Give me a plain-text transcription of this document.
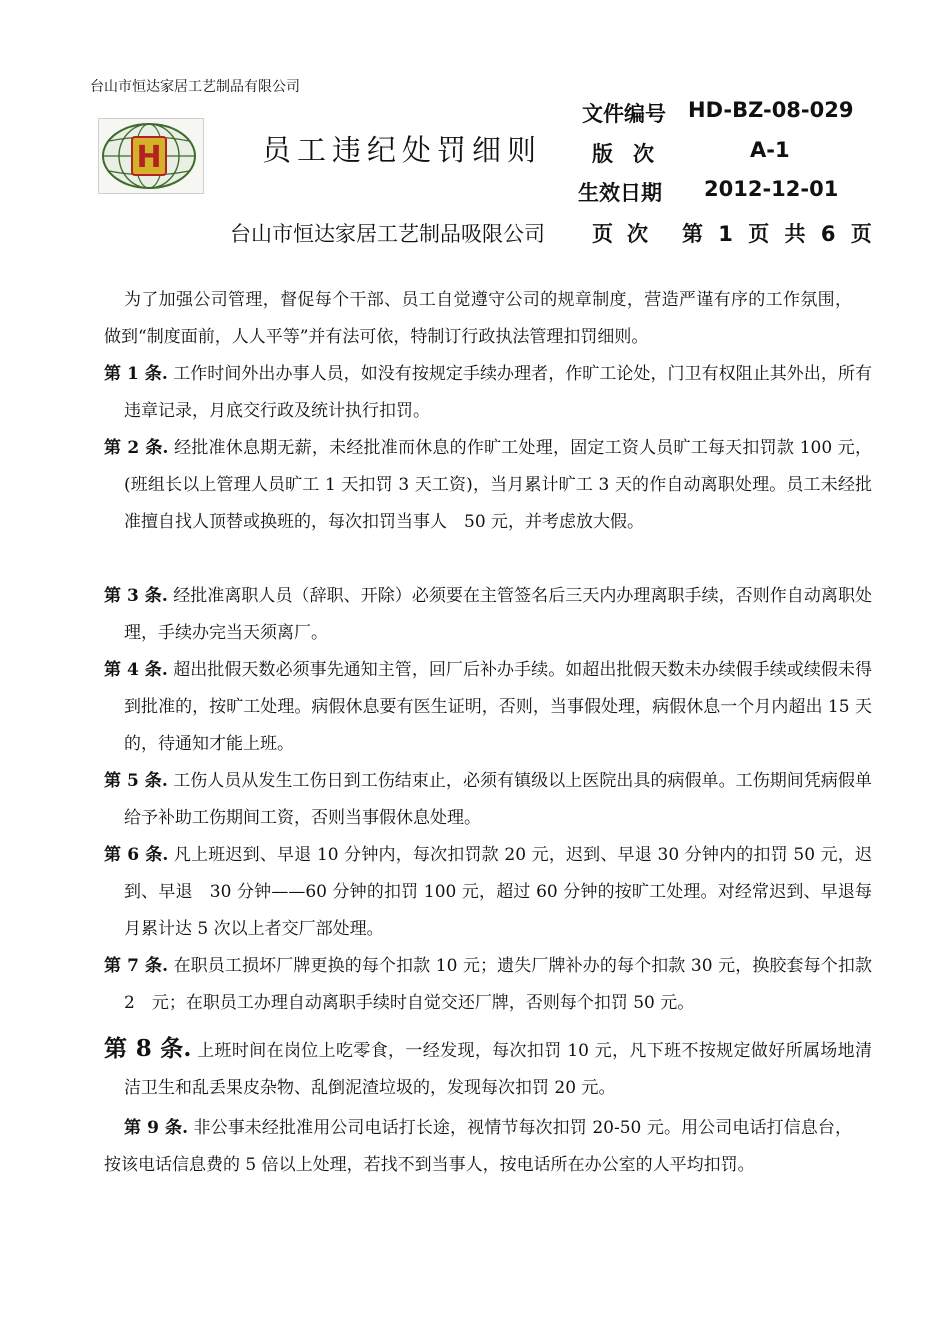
台山市恒达家居工艺制品有限公司
H	员工违纪处罚细则
文件编号 HD-BZ-08-029
版次	A-1
生效日期 2012-12-01
台山市恒达家居工艺制品吸限公司 页次 第 1 页 共 6 页
为了加强公司管理，督促每个干部、员工自觉遵守公司的规章制度，营造严谨有序的工作氛围，做到“制度面前，人人平等”并有法可依，特制订行政执法管理扣罚细则。
第 1 条. 工作时间外出办事人员，如没有按规定手续办理者，作旷工论处，门卫有权阻止其外出，所有违章记录，月底交行政及统计执行扣罚。
第 2 条. 经批准休息期无薪，未经批准而休息的作旷工处理，固定工资人员旷工每天扣罚款 100 元，(班组长以上管理人员旷工 1 天扣罚 3 天工资)，当月累计旷工 3 天的作自动离职处理。员工未经批准擅自找人顶替或换班的，每次扣罚当事人　50 元，并考虑放大假。
第 3 条. 经批准离职人员（辞职、开除）必须要在主管签名后三天内办理离职手续，否则作自动离职处理，手续办完当天须离厂。
第 4 条. 超出批假天数必须事先通知主管，回厂后补办手续。如超出批假天数未办续假手续或续假未得到批准的，按旷工处理。病假休息要有医生证明，否则，当事假处理，病假休息一个月内超出 15 天的，待通知才能上班。
第 5 条. 工伤人员从发生工伤日到工伤结束止，必须有镇级以上医院出具的病假单。工伤期间凭病假单给予补助工伤期间工资，否则当事假休息处理。
第 6 条. 凡上班迟到、早退 10 分钟内，每次扣罚款 20 元，迟到、早退 30 分钟内的扣罚 50 元，迟到、早退　30 分钟——60 分钟的扣罚 100 元，超过 60 分钟的按旷工处理。对经常迟到、早退每月累计达 5 次以上者交厂部处理。
第 7 条. 在职员工损坏厂牌更换的每个扣款 10 元；遗失厂牌补办的每个扣款 30 元，换胶套每个扣款 2　元；在职员工办理自动离职手续时自觉交还厂牌，否则每个扣罚 50 元。
第 8 条. 上班时间在岗位上吃零食，一经发现，每次扣罚 10 元，凡下班不按规定做好所属场地清洁卫生和乱丢果皮杂物、乱倒泥渣垃圾的，发现每次扣罚 20 元。
第 9 条. 非公事未经批准用公司电话打长途，视情节每次扣罚 20-50 元。用公司电话打信息台，按该电话信息费的 5 倍以上处理，若找不到当事人，按电话所在办公室的人平均扣罚。
